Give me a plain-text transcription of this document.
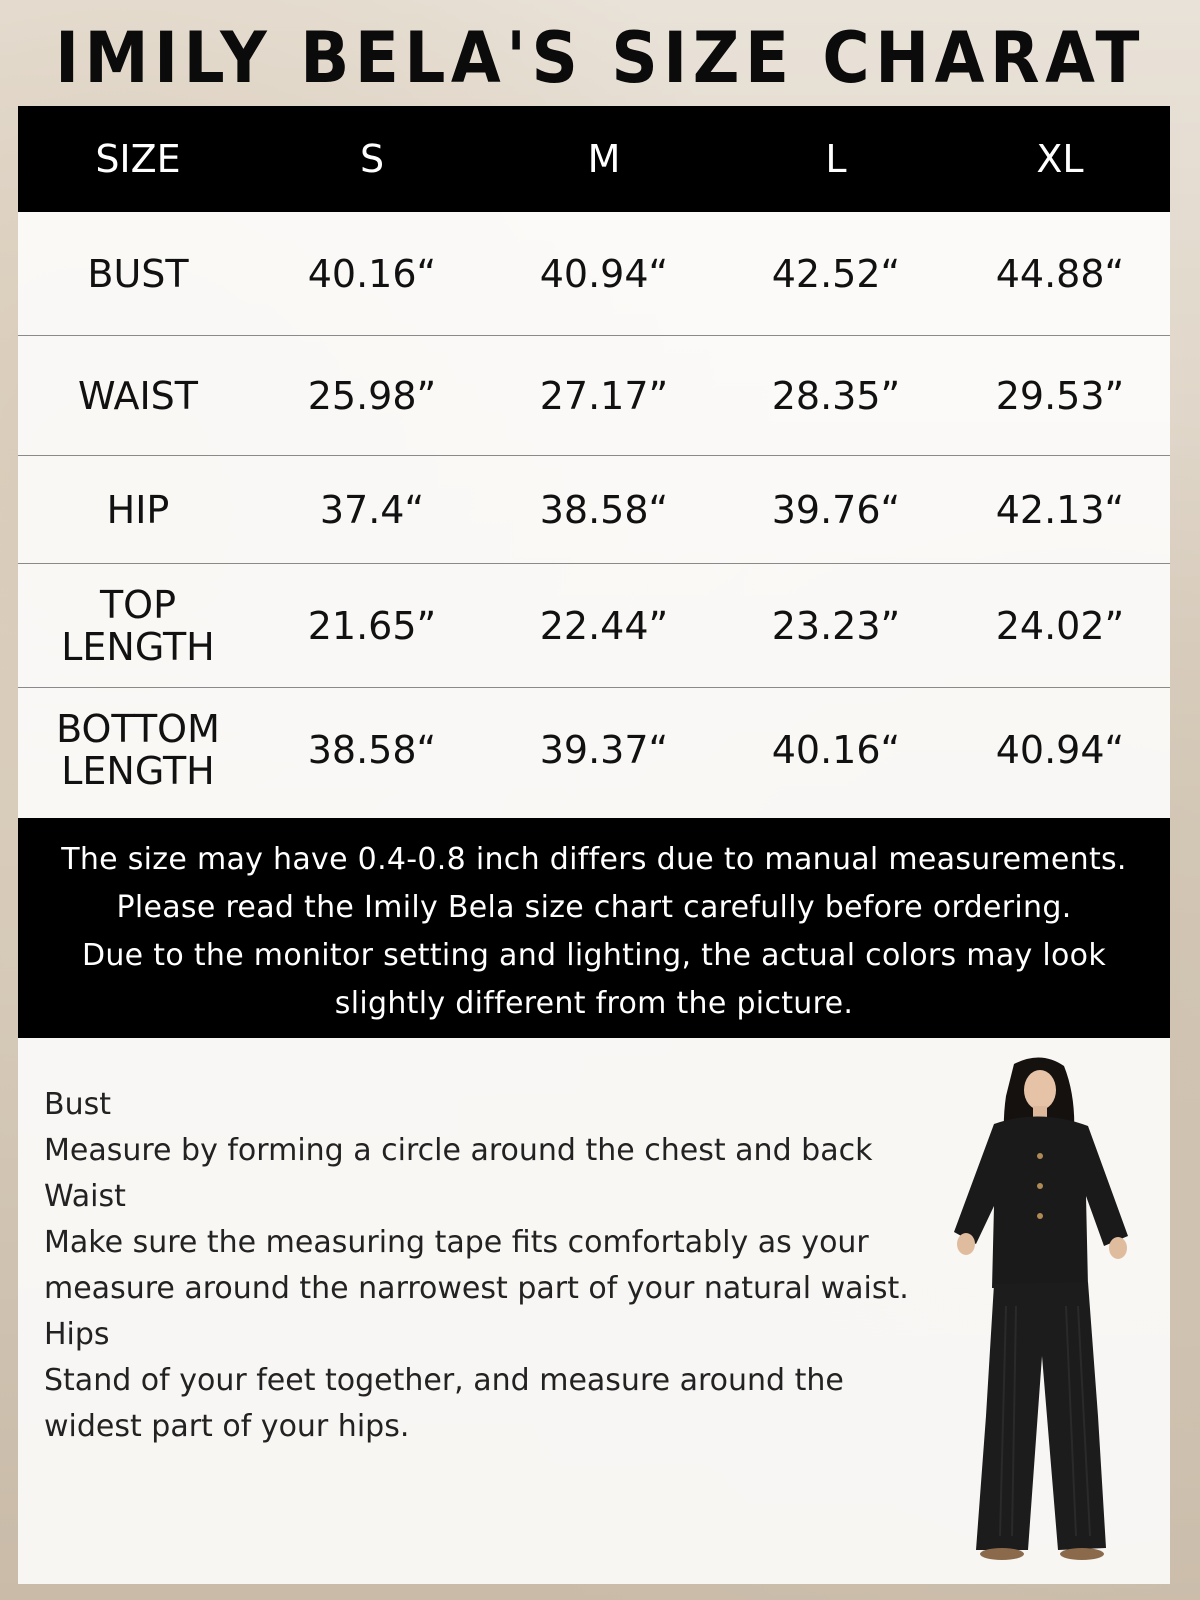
IMILY BELA'S SIZE CHARAT
SIZE	S	M	L	XL
BUST	40.16“	40.94“	42.52“	44.88“
WAIST	25.98”	27.17”	28.35”	29.53”
HIP	37.4“	38.58“	39.76“	42.13“
TOP
LENGTH	21.65”	22.44”	23.23”	24.02”
BOTTOM
LENGTH	38.58“	39.37“	40.16“	40.94“
The size may have 0.4-0.8 inch differs due to manual measurements.
Please read the Imily Bela size chart carefully before ordering.
Due to the monitor setting and lighting, the actual colors may look
slightly different from the picture.
Bust
Measure by forming a circle around the chest and back
Waist
Make sure the measuring tape fits comfortably as your
measure around the narrowest part of your natural waist.
Hips
Stand of your feet together, and measure around the
widest part of your hips.
